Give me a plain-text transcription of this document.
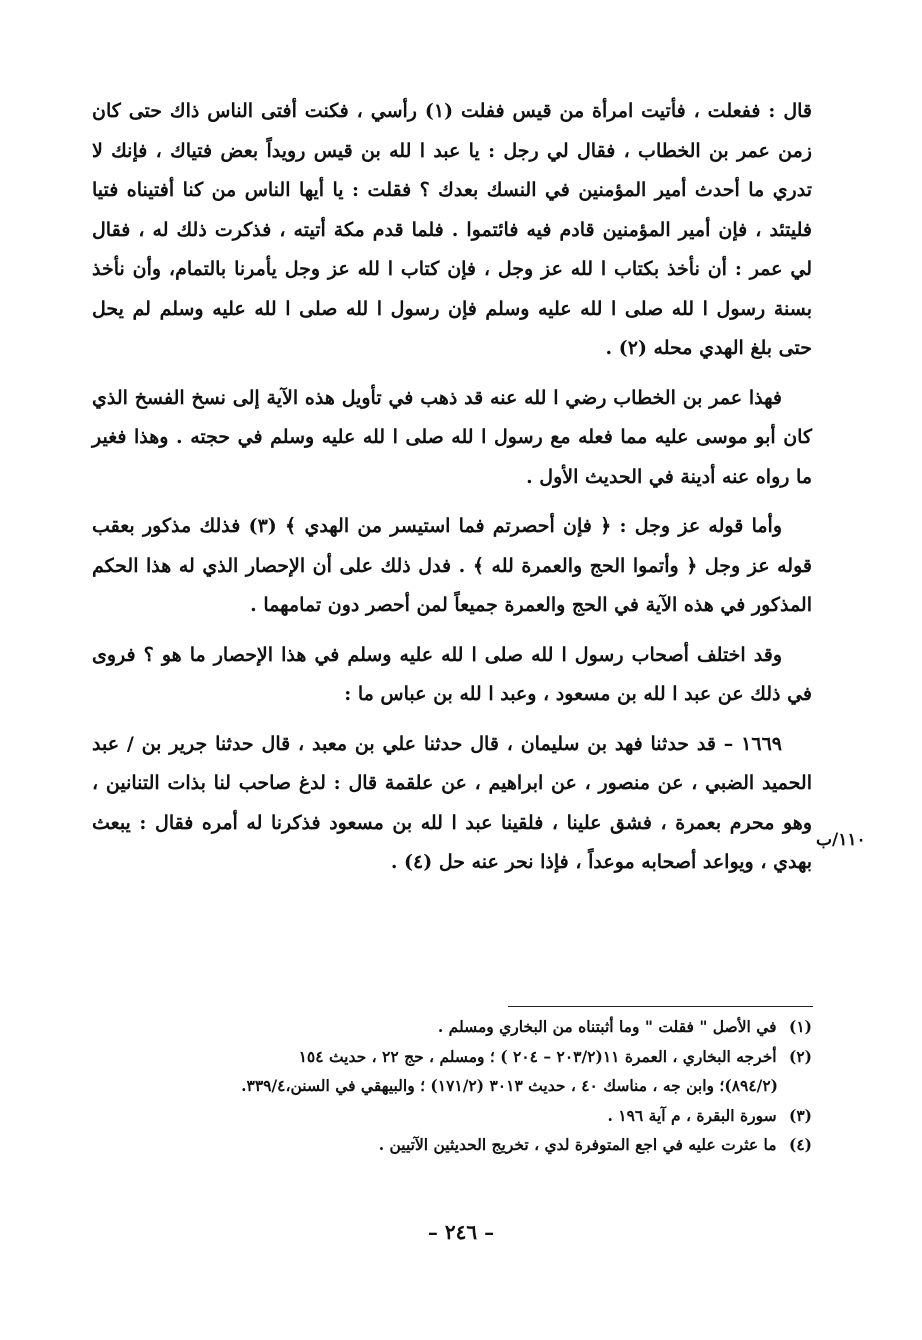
قال : ففعلت ، فأتيت امرأة من قيس ففلت (١) رأسي ، فكنت أفتى الناس ذاك حتى كان زمن عمر بن الخطاب ، فقال لي رجل : يا عبد ا لله بن قيس رويداً بعض فتياك ، فإنك لا تدري ما أحدث أمير المؤمنين في النسك بعدك ؟ فقلت : يا أيها الناس من كنا أفتيناه فتيا فليتئد ، فإن أمير المؤمنين قادم فيه فائتموا . فلما قدم مكة أتيته ، فذكرت ذلك له ، فقال لي عمر : أن نأخذ بكتاب ا لله عز وجل ، فإن كتاب ا لله عز وجل يأمرنا بالتمام، وأن نأخذ بسنة رسول ا لله صلى ا لله عليه وسلم فإن رسول ا لله صلى ا لله عليه وسلم لم يحل حتى بلغ الهدي محله (٢) .

فهذا عمر بن الخطاب رضي ا لله عنه قد ذهب في تأويل هذه الآية إلى نسخ الفسخ الذي كان أبو موسى عليه مما فعله مع رسول ا لله صلى ا لله عليه وسلم في حجته . وهذا فغير ما رواه عنه أدينة في الحديث الأول .

وأما قوله عز وجل : ﴿ فإن أحصرتم فما استيسر من الهدي ﴾ (٣) فذلك مذكور بعقب قوله عز وجل ﴿ وأتموا الحج والعمرة لله ﴾ . فدل ذلك على أن الإحصار الذي له هذا الحكم المذكور في هذه الآية في الحج والعمرة جميعاً لمن أحصر دون تمامهما .

وقد اختلف أصحاب رسول ا لله صلى ا لله عليه وسلم في هذا الإحصار ما هو ؟ فروى في ذلك عن عبد ا لله بن مسعود ، وعبد ا لله بن عباس ما :

١٦٦٩ – قد حدثنا فهد بن سليمان ، قال حدثنا علي بن معبد ، قال حدثنا جرير بن / عبد الحميد الضبي ، عن منصور ، عن ابراهيم ، عن علقمة قال : لدغ صاحب لنا بذات التنانين ، وهو محرم بعمرة ، فشق علينا ، فلقينا عبد ا لله بن مسعود فذكرنا له أمره فقال : يبعث بهدي ، ويواعد أصحابه موعداً ، فإذا نحر عنه حل (٤) .

١١٠/ب

(١) في الأصل " فقلت " وما أثبتناه من البخاري ومسلم .

(٢) أخرجه البخاري ، العمرة ١١(٢٠٣/٢ – ٢٠٤ ) ؛ ومسلم ، حج ٢٢ ، حديث ١٥٤

(٨٩٤/٢)؛ وابن جه ، مناسك ٤٠ ، حديث ٣٠١٣ (١٧١/٢) ؛ والبيهقي في السنن،٣٣٩/٤.

(٣) سورة البقرة ، م آية ١٩٦ .

(٤) ما عثرت عليه في اجع المتوفرة لدي ، تخريج الحديثين الآتيين .

– ٢٤٦ –
